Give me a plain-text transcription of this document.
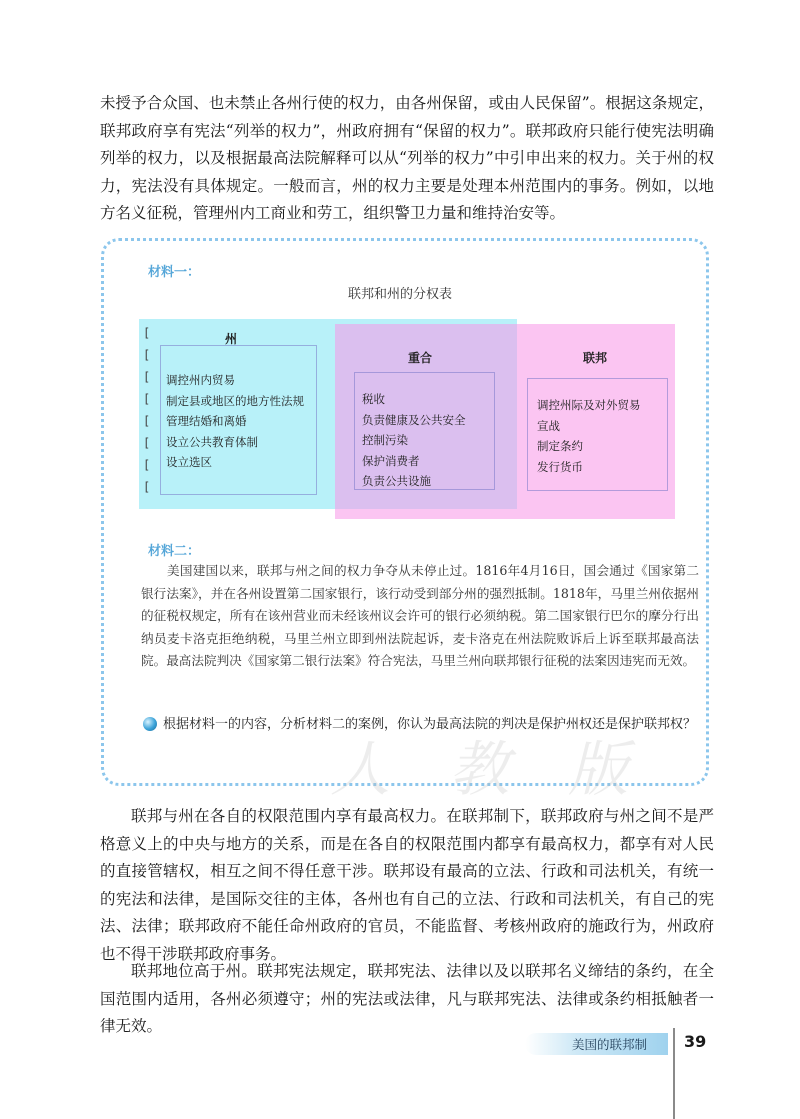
未授予合众国、也未禁止各州行使的权力，由各州保留，或由人民保留”。根据这条规定，联邦政府享有宪法“列举的权力”，州政府拥有“保留的权力”。联邦政府只能行使宪法明确列举的权力，以及根据最高法院解释可以从“列举的权力”中引申出来的权力。关于州的权力，宪法没有具体规定。一般而言，州的权力主要是处理本州范围内的事务。例如，以地方名义征税，管理州内工商业和劳工，组织警卫力量和维持治安等。

材料一：
联邦和州的分权表
[
[
[
[
[
[
[
[
州
重合	联邦
调控州内贸易
制定县或地区的地方性法规
管理结婚和离婚
设立公共教育体制
设立选区
税收
负责健康及公共安全
控制污染
保护消费者
负责公共设施
调控州际及对外贸易
宣战
制定条约
发行货币
材料二：

美国建国以来，联邦与州之间的权力争夺从未停止过。1816年4月16日，国会通过《国家第二银行法案》，并在各州设置第二国家银行，该行动受到部分州的强烈抵制。1818年，马里兰州依据州的征税权规定，所有在该州营业而未经该州议会许可的银行必须纳税。第二国家银行巴尔的摩分行出纳员麦卡洛克拒绝纳税，马里兰州立即到州法院起诉，麦卡洛克在州法院败诉后上诉至联邦最高法院。最高法院判决《国家第二银行法案》符合宪法，马里兰州向联邦银行征税的法案因违宪而无效。

人 教 版

根据材料一的内容，分析材料二的案例，你认为最高法院的判决是保护州权还是保护联邦权？

联邦与州在各自的权限范围内享有最高权力。在联邦制下，联邦政府与州之间不是严格意义上的中央与地方的关系，而是在各自的权限范围内都享有最高权力，都享有对人民的直接管辖权，相互之间不得任意干涉。联邦设有最高的立法、行政和司法机关，有统一的宪法和法律，是国际交往的主体，各州也有自己的立法、行政和司法机关，有自己的宪法、法律；联邦政府不能任命州政府的官员，不能监督、考核州政府的施政行为，州政府也不得干涉联邦政府事务。

联邦地位高于州。联邦宪法规定，联邦宪法、法律以及以联邦名义缔结的条约，在全国范围内适用，各州必须遵守；州的宪法或法律，凡与联邦宪法、法律或条约相抵触者一律无效。

美国的联邦制 39
